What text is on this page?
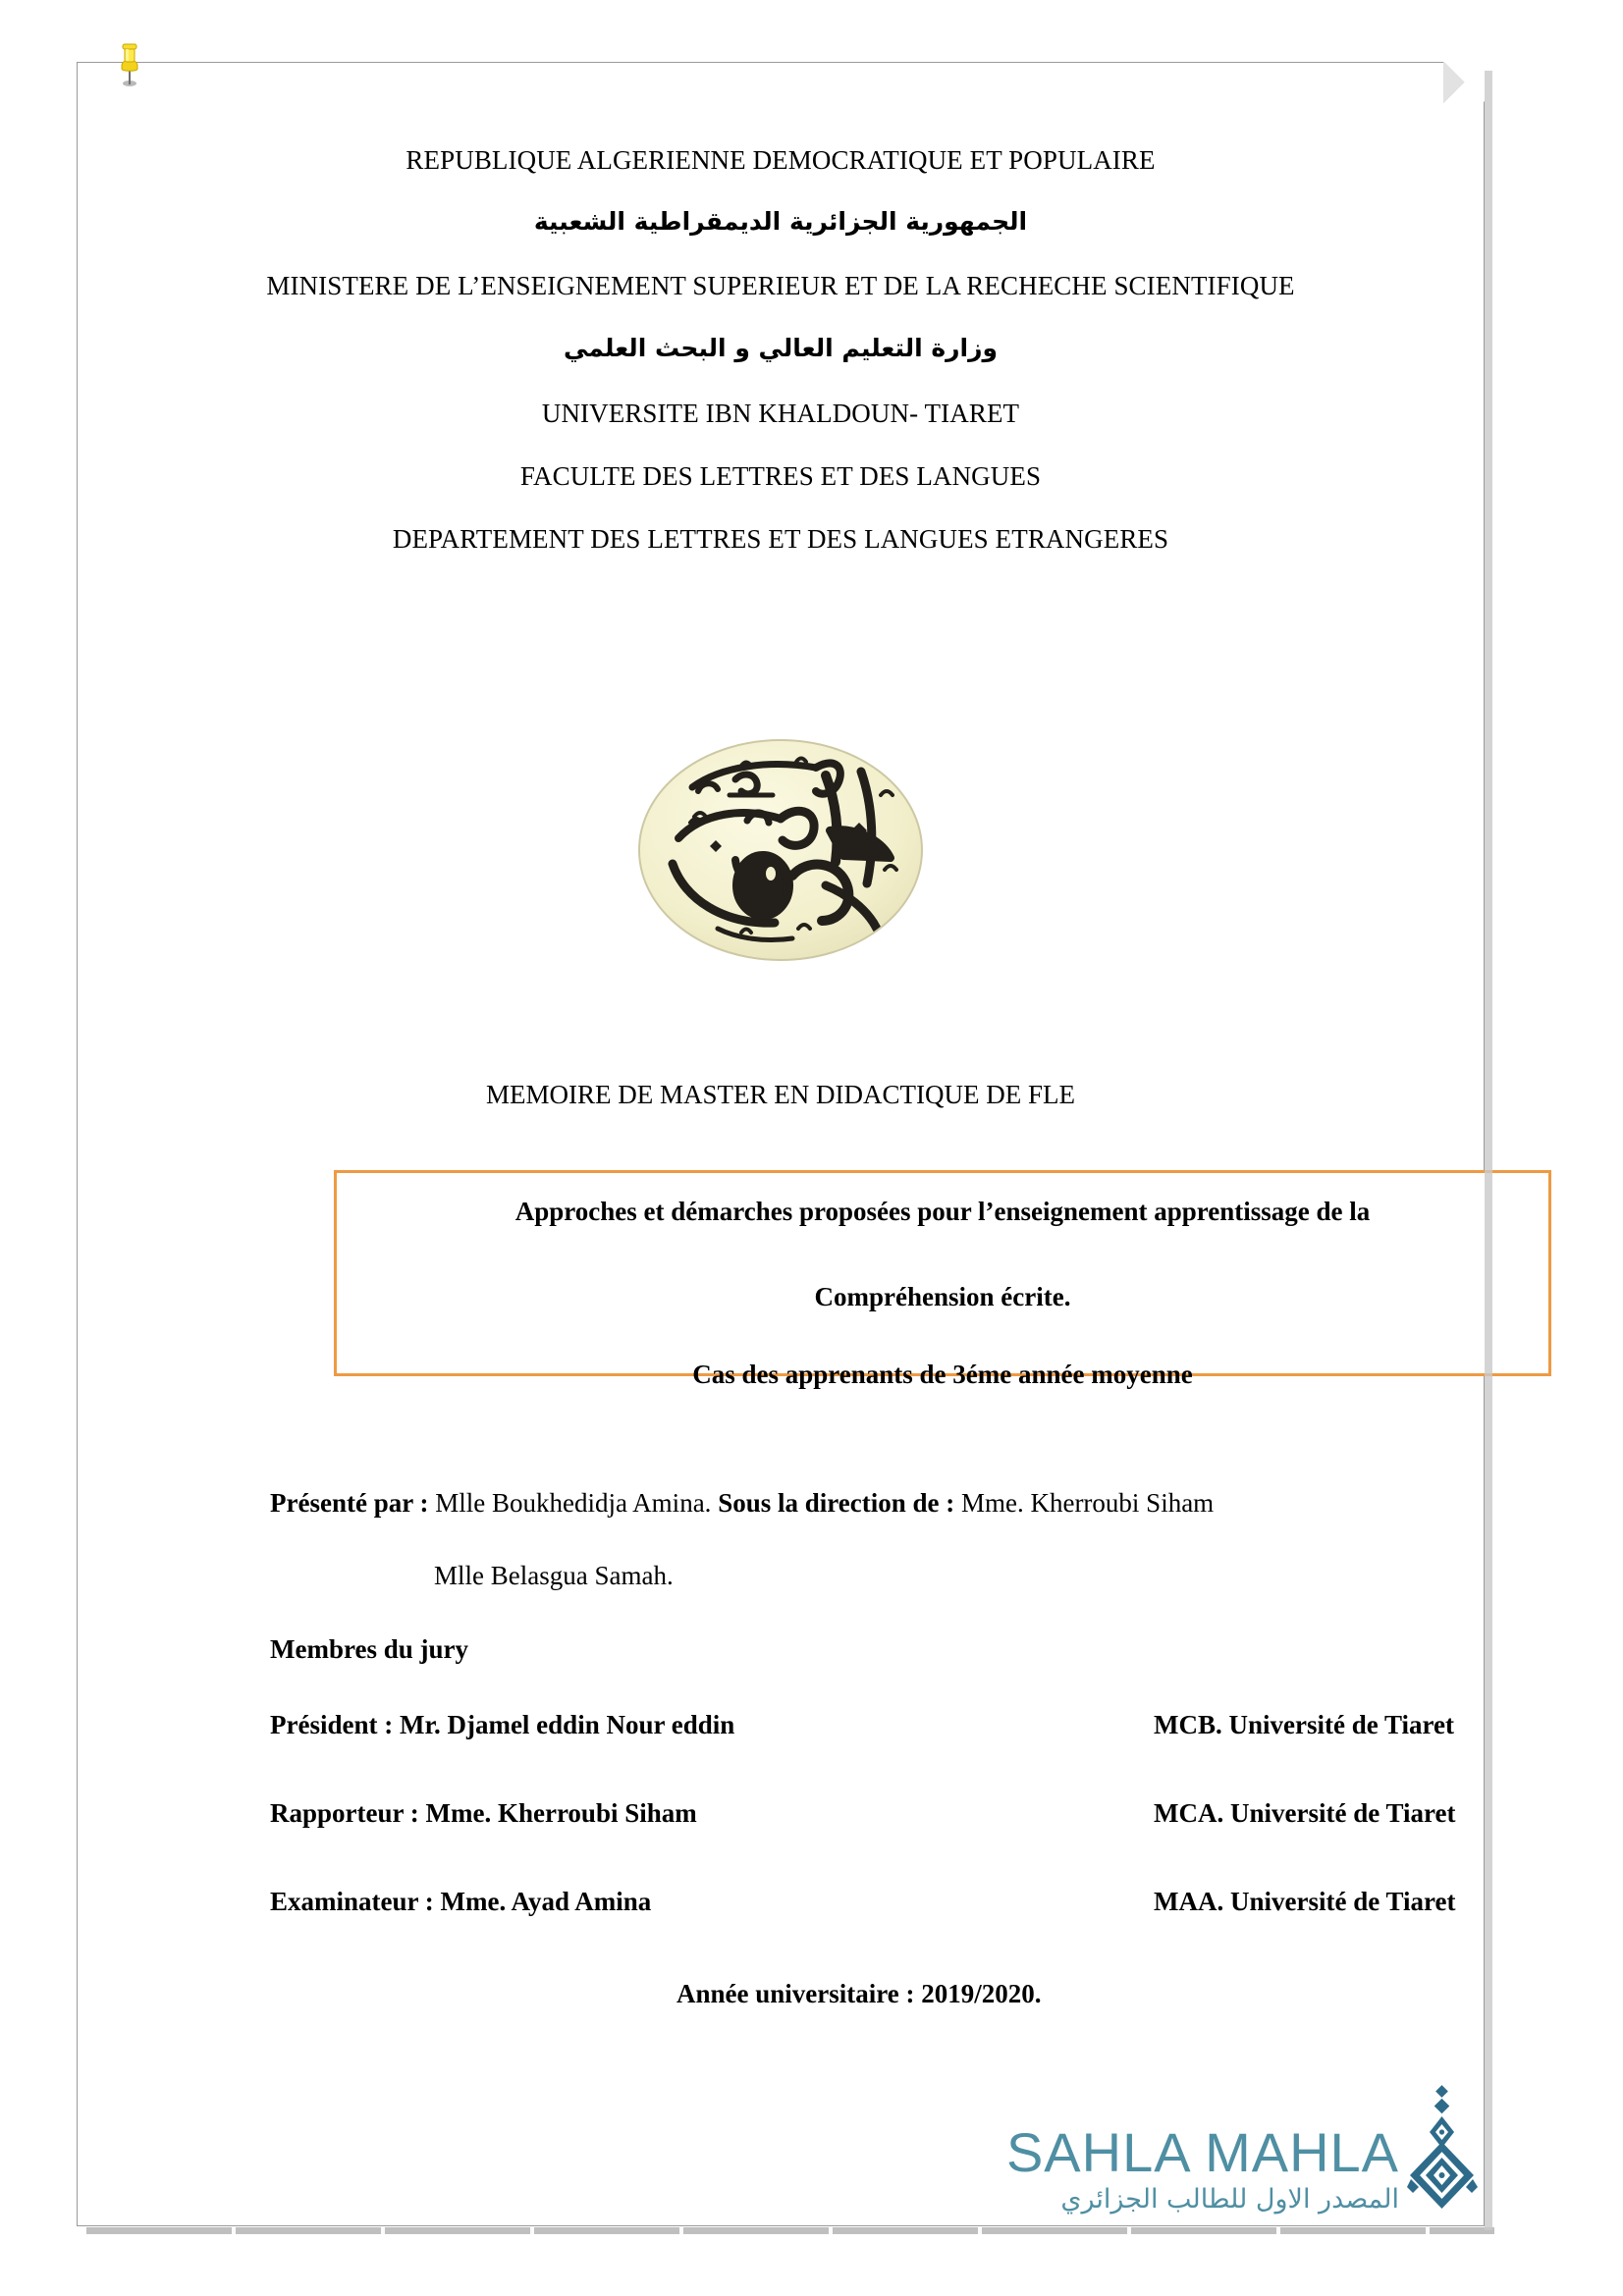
REPUBLIQUE ALGERIENNE DEMOCRATIQUE ET POPULAIRE
الجمهورية الجزائرية الديمقراطية الشعبية
MINISTERE DE L’ENSEIGNEMENT SUPERIEUR ET DE LA RECHECHE SCIENTIFIQUE
وزارة التعليم العالي و البحث العلمي
UNIVERSITE IBN KHALDOUN- TIARET
FACULTE DES LETTRES ET DES LANGUES
DEPARTEMENT DES LETTRES ET DES LANGUES ETRANGERES
MEMOIRE DE MASTER EN DIDACTIQUE DE FLE
Approches et démarches proposées pour l’enseignement apprentissage de la
Compréhension écrite.
Cas des apprenants de 3éme année moyenne
Présenté par : Mlle Boukhedidja Amina. Sous la direction de : Mme. Kherroubi Siham
Mlle Belasgua Samah.
Membres du jury
Président : Mr. Djamel eddin Nour eddin	MCB. Université de Tiaret
Rapporteur : Mme. Kherroubi Siham	MCA. Université de Tiaret
Examinateur : Mme. Ayad Amina	MAA. Université de Tiaret
Année universitaire : 2019/2020.
SAHLA MAHLA
المصدر الاول للطالب الجزائري
